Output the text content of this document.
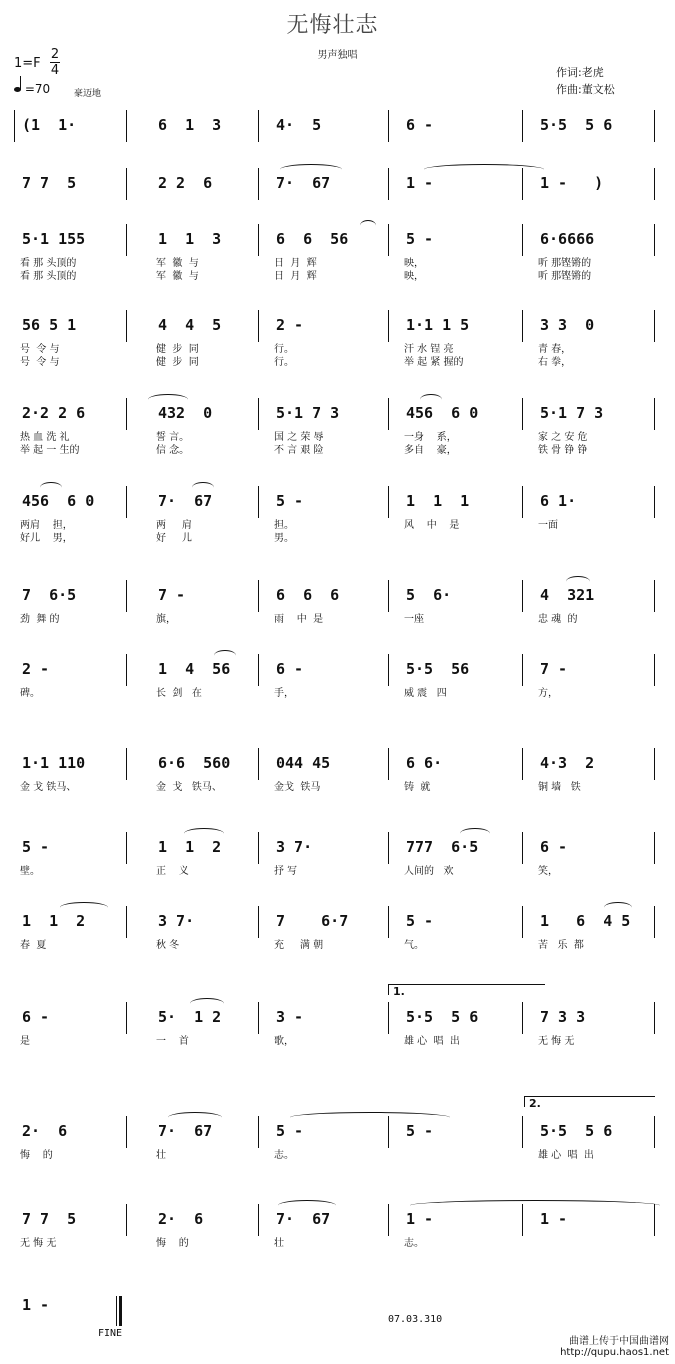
无悔壮志
男声独唱
1=F
2
4
=70	豪迈地
作词:老虎
作曲:董文松
(1  1·	6  1  3	4·  5	6 -	5·5  5 6
7 7  5	2 2  6	7·  67	1 -	1 -   )
5·1 155
看 那 头顶的
看 那 头顶的
1  1  3
军  徽  与
军  徽  与
6  6  56
日  月  辉
日  月  辉
5 -
映，
映，
6·6666
听 那铿锵的
听 那铿锵的
56 5 1
号  令 与
号  令 与
4  4  5
健  步  同
健  步  同
2 -
行。
行。
1·1 1 5
汗 水 锃 亮
举 起 紧 握的
3 3  0
青 春，
右 拳，
2·2 2 6
热 血 洗 礼
举 起 一 生的
432  0
誓 言。
信 念。
5·1 7 3
国 之 荣 辱
不 言 艰 险
456  6 0
一身    系，
多自    豪，
5·1 7 3
家 之 安 危
铁 骨 铮 铮
456  6 0
两肩    担，
好儿    男，
7·  67
两     肩
好     儿
5 -
担。
男。
1  1  1
风    中    是
6 1·
一面
7  6·5
劲  舞 的
7 -
旗，
6  6  6
雨    中  是
5  6·
一座
4  321
忠 魂  的
2 -
碑。
1  4  56
长  剑   在
6 -
手，
5·5  56
威 震   四
7 -
方，
1·1 110
金 戈 铁马、
6·6  560
金  戈   铁马、
044 45
金戈  铁马
6 6·
铸  就
4·3  2
铜 墙   铁
5 -
壁。
1  1  2
正    义
3 7·
抒 写
777  6·5
人间的   欢
6 -
笑，
1  1  2
春  夏
3 7·
秋 冬
7    6·7
充     满 朝
5 -
气。
1   6  4 5
苦   乐  都
6 -
是
5·  1 2
一    首
3 -
歌，
5·5  5 6
雄 心  唱  出
7 3 3
无 悔 无
2·  6
悔    的
7·  67
壮
5 -
志。
5 -	5·5  5 6
雄 心  唱  出
7 7  5
无 悔 无
2·  6
悔    的
7·  67
壮
1 -
志。
1 -
1 -
1.
2.
FINE
07.03.310
曲谱上传于中国曲谱网
http://qupu.haos1.net
